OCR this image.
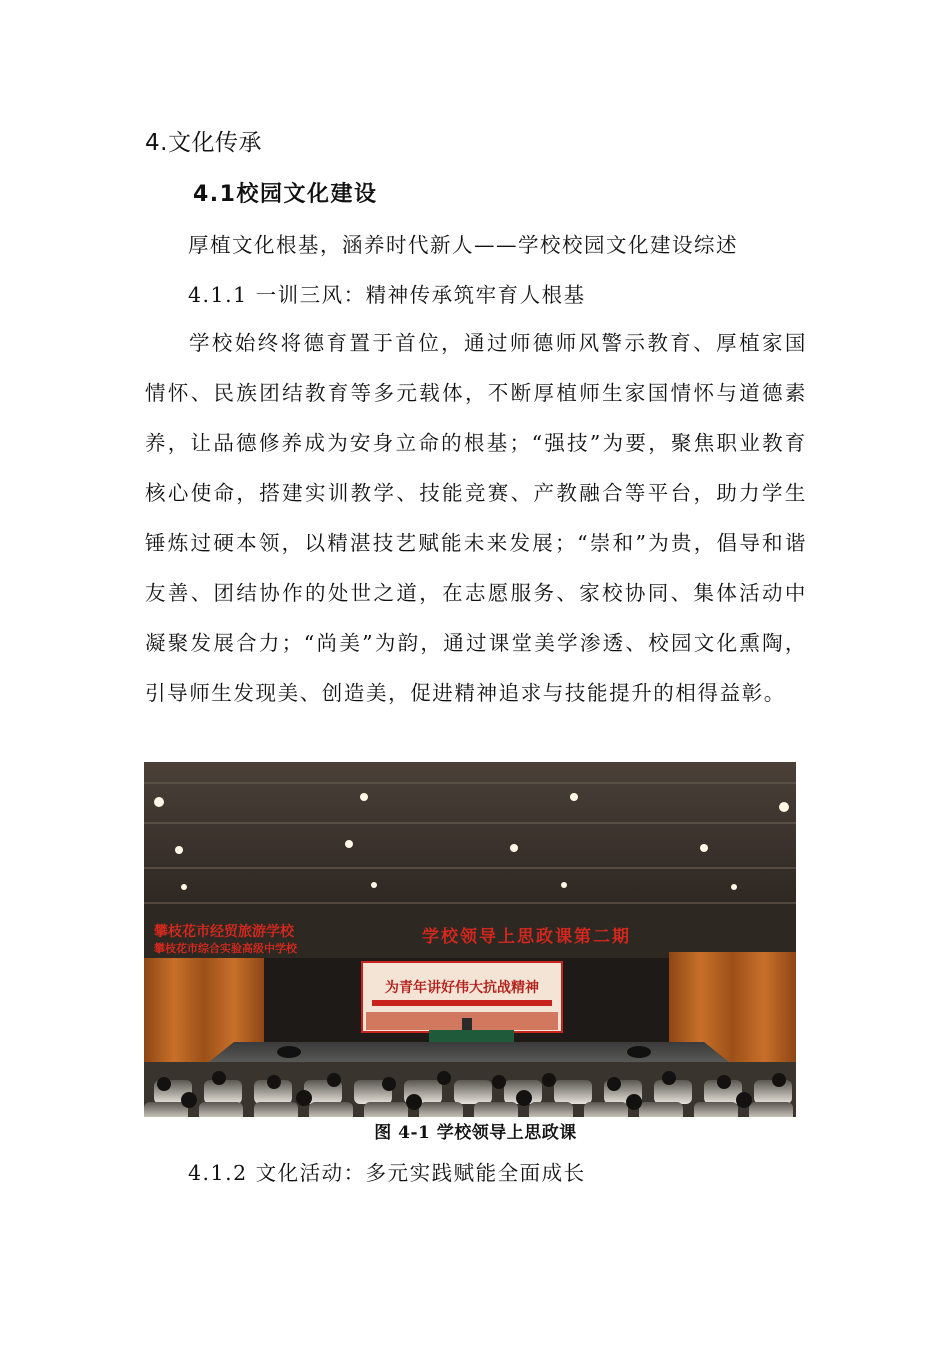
4.文化传承
4.1校园文化建设
厚植文化根基，涵养时代新人——学校校园文化建设综述
4.1.1 一训三风：精神传承筑牢育人根基
学校始终将德育置于首位，通过师德师风警示教育、厚植家国情怀、民族团结教育等多元载体，不断厚植师生家国情怀与道德素养，让品德修养成为安身立命的根基；“强技”为要，聚焦职业教育核心使命，搭建实训教学、技能竞赛、产教融合等平台，助力学生锤炼过硬本领，以精湛技艺赋能未来发展；“崇和”为贵，倡导和谐友善、团结协作的处世之道，在志愿服务、家校协同、集体活动中凝聚发展合力；“尚美”为韵，通过课堂美学渗透、校园文化熏陶，引导师生发现美、创造美，促进精神追求与技能提升的相得益彰。
攀枝花市经贸旅游学校
攀枝花市综合实验高级中学校
学校领导上思政课第二期
为青年讲好伟大抗战精神
图 4-1 学校领导上思政课
4.1.2 文化活动：多元实践赋能全面成长
